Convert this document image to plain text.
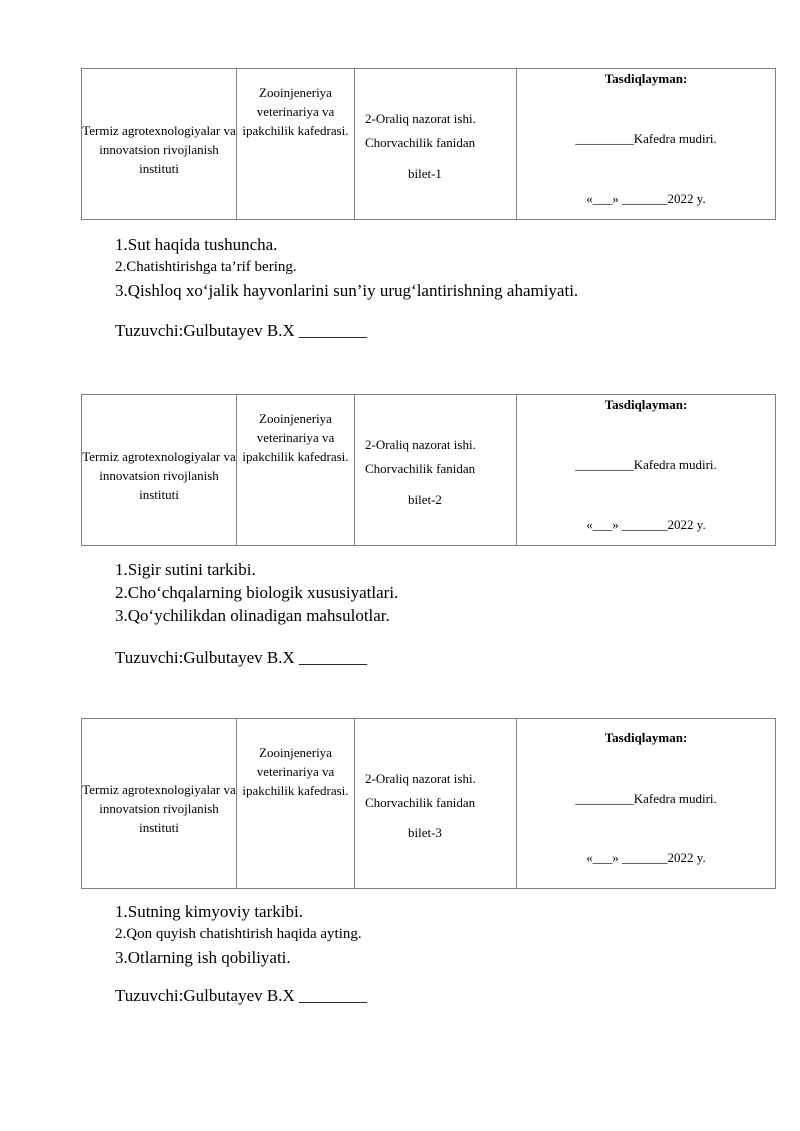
Termiz agrotexnologiyalar va innovatsion rivojlanish instituti
Zooinjeneriya veterinariya va ipakchilik kafedrasi.
2-Oraliq nazorat ishi.
Chorvachilik fanidan
bilet-1
Tasdiqlayman:
_________Kafedra mudiri.
«___» _______2022 y.
1.Sut haqida tushuncha.
2.Chatishtirishga ta’rif bering.
3.Qishloq xo‘jalik hayvonlarini sun’iy urug‘lantirishning ahamiyati.
Tuzuvchi:Gulbutayev B.X ________
Termiz agrotexnologiyalar va innovatsion rivojlanish instituti
Zooinjeneriya veterinariya va ipakchilik kafedrasi.
2-Oraliq nazorat ishi.
Chorvachilik fanidan
bilet-2
Tasdiqlayman:
_________Kafedra mudiri.
«___» _______2022 y.
1.Sigir sutini tarkibi.
2.Cho‘chqalarning biologik xususiyatlari.
3.Qo‘ychilikdan olinadigan mahsulotlar.
Tuzuvchi:Gulbutayev B.X ________
Termiz agrotexnologiyalar va innovatsion rivojlanish instituti
Zooinjeneriya veterinariya va ipakchilik kafedrasi.
2-Oraliq nazorat ishi.
Chorvachilik fanidan
bilet-3
Tasdiqlayman:
_________Kafedra mudiri.
«___» _______2022 y.
1.Sutning kimyoviy tarkibi.
2.Qon quyish chatishtirish haqida ayting.
3.Otlarning ish qobiliyati.
Tuzuvchi:Gulbutayev B.X ________
